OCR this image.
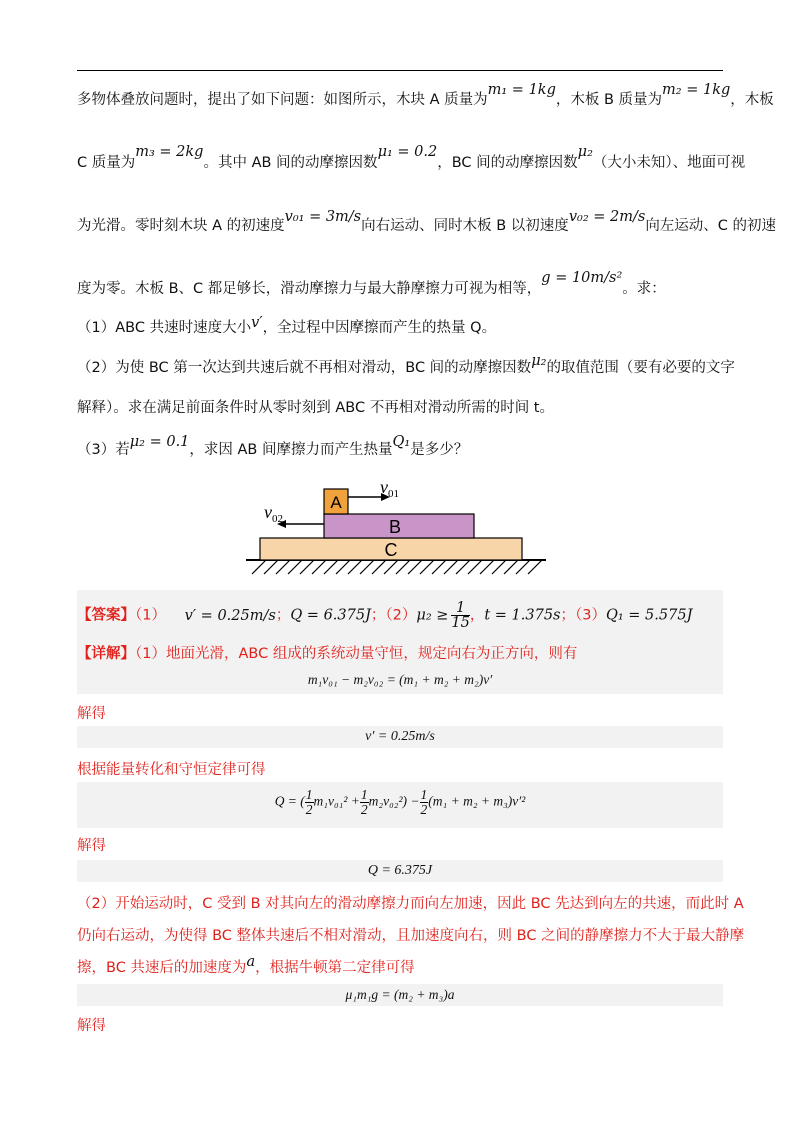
多物体叠放问题时，提出了如下问题：如图所示，木块 A 质量为m₁ = 1kg，木板 B 质量为m₂ = 1kg，木板
C 质量为m₃ = 2kg。其中 AB 间的动摩擦因数μ₁ = 0.2，BC 间的动摩擦因数μ₂（大小未知）、地面可视
为光滑。零时刻木块 A 的初速度v₀₁ = 3m/s向右运动、同时木板 B 以初速度v₀₂ = 2m/s向左运动、C 的初速
度为零。木板 B、C 都足够长，滑动摩擦力与最大静摩擦力可视为相等，g = 10m/s²。求：
（1）ABC 共速时速度大小v′，全过程中因摩擦而产生的热量 Q。
（2）为使 BC 第一次达到共速后就不再相对滑动，BC 间的动摩擦因数μ₂的取值范围（要有必要的文字
解释）。求在满足前面条件时从零时刻到 ABC 不再相对滑动所需的时间 t。
（3）若μ₂ = 0.1，求因 AB 间摩擦力而产生热量Q₁是多少？
C
B
A
$v_{01}$
$v_{02}$
【答案】（1） v′ = 0.25m/s；Q = 6.375J；$(2)\mu_2 \ge \frac{1}{15}$ ，t = 1.375s；（3）Q₁ = 5.575J
【详解】（1）地面光滑，ABC 组成的系统动量守恒，规定向右为正方向，则有
m₁v₀₁ − m₂v₀₂ = (m₁ + m₂ + m₂)v′
解得
v′ = 0.25m/s
根据能量转化和守恒定律可得
Q = ( $\frac{1}{2} m_1v_{01}^2 + \frac{1}{2} m_2v_{02}^2) - \frac{1}{2} (m_1 + m_2 + m_3)v'^2$
解得
Q = 6.375J
（2）开始运动时，C 受到 B 对其向左的滑动摩擦力而向左加速，因此 BC 先达到向左的共速，而此时 A
仍向右运动，为使得 BC 整体共速后不相对滑动，且加速度向右，则 BC 之间的静摩擦力不大于最大静摩
擦，BC 共速后的加速度为a，根据牛顿第二定律可得
μ₁m₁g = (m₂ + m₃)a
解得
